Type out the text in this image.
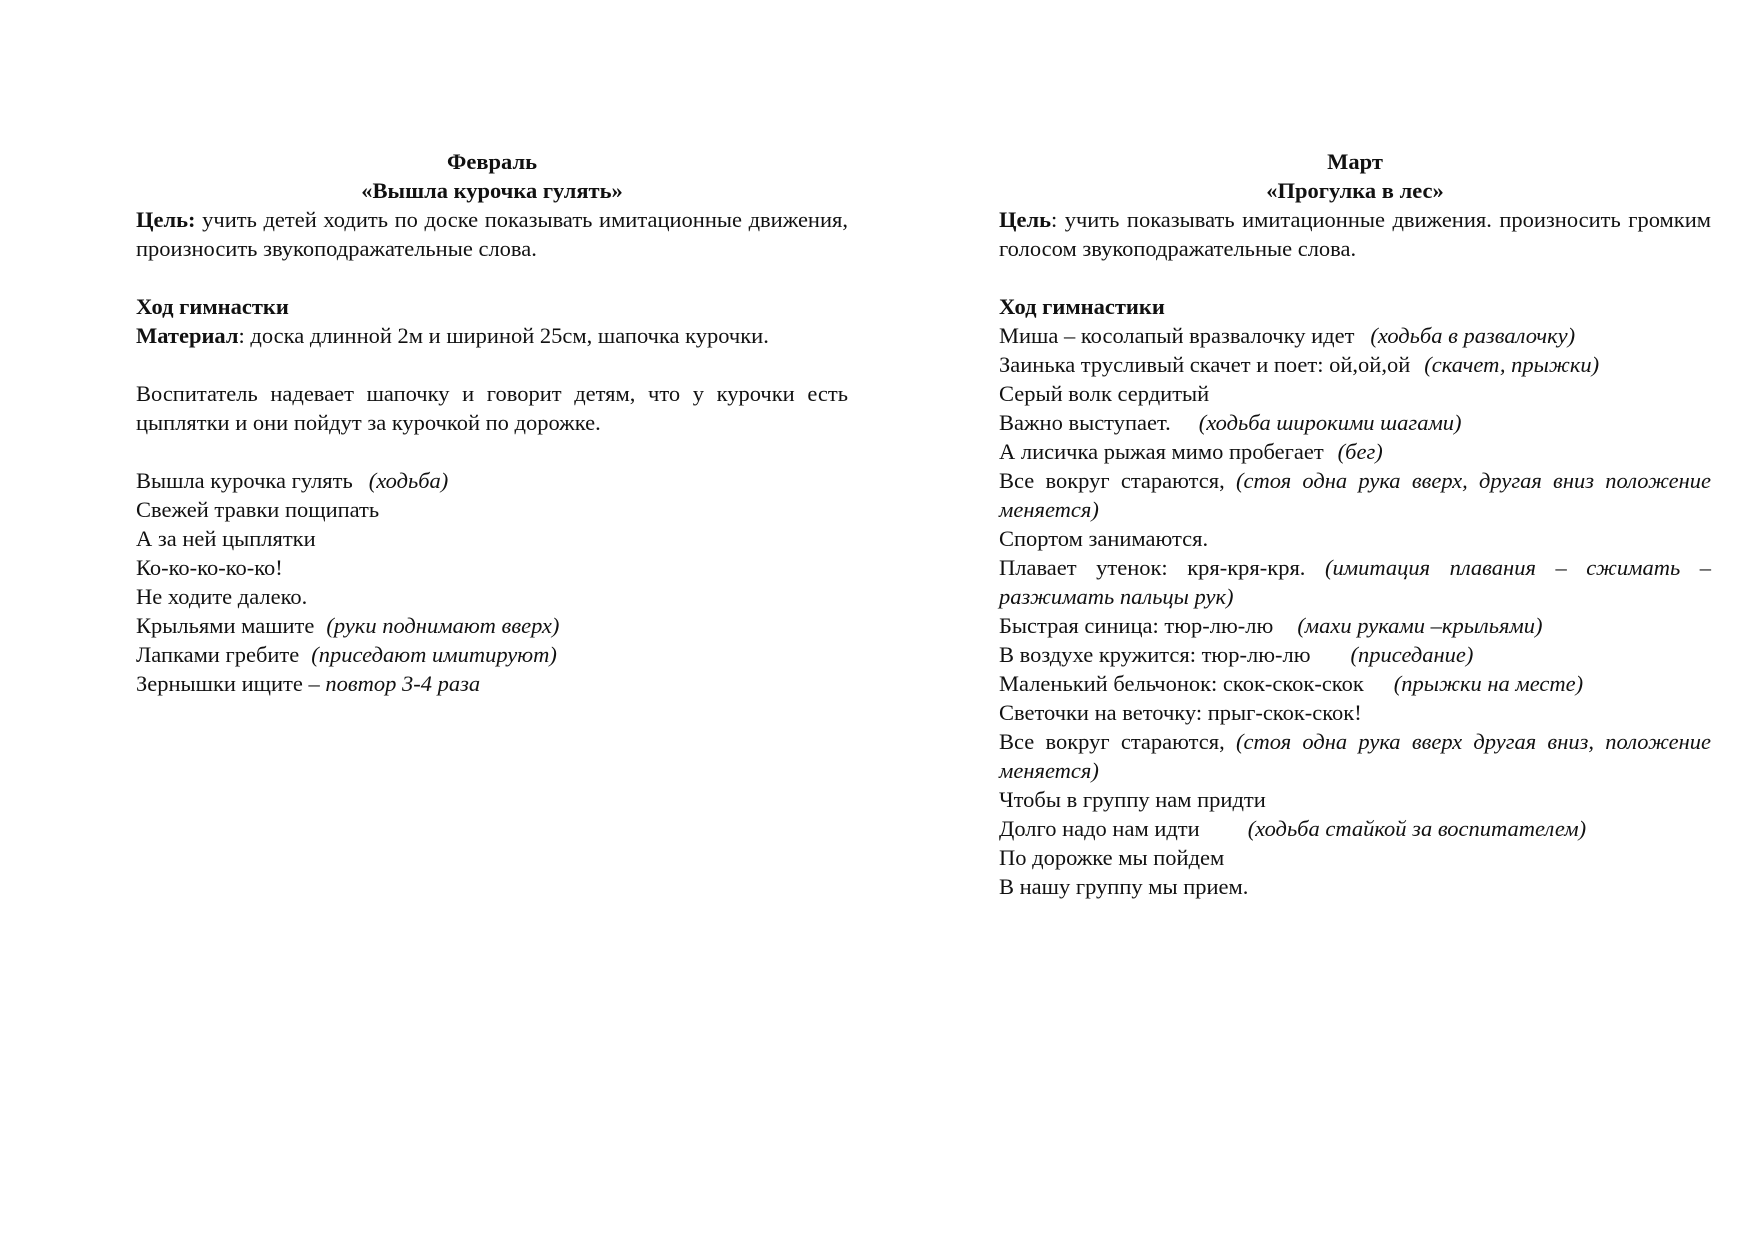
Февраль
«Вышла курочка гулять»
Цель: учить детей ходить по доске показывать имитационные движения, произносить звукоподражательные слова.
Ход гимнастки
Материал: доска длинной 2м и шириной 25см, шапочка курочки.
Воспитатель надевает шапочку и говорит детям, что у курочки есть цыплятки и они пойдут за курочкой по дорожке.
Вышла курочка гулять (ходьба)
Свежей травки пощипать
А за ней цыплятки
Ко-ко-ко-ко-ко!
Не ходите далеко.
Крыльями машите (руки поднимают вверх)
Лапками гребите (приседают имитируют)
Зернышки ищите – повтор 3-4 раза
Март
«Прогулка в лес»
Цель: учить показывать имитационные движения. произносить громким голосом звукоподражательные слова.
Ход гимнастики
Миша – косолапый вразвалочку идет (ходьба в развалочку)
Заинька трусливый скачет и поет: ой,ой,ой (скачет, прыжки)
Серый волк сердитый
Важно выступает. (ходьба широкими шагами)
А лисичка рыжая мимо пробегает (бег)
Все вокруг стараются, (стоя одна рука вверх, другая вниз положение меняется)
Спортом занимаются.
Плавает утенок: кря-кря-кря. (имитация плавания – сжимать – разжимать пальцы рук)
Быстрая синица: тюр-лю-лю (махи руками –крыльями)
В воздухе кружится: тюр-лю-лю (приседание)
Маленький бельчонок: скок-скок-скок (прыжки на месте)
Светочки на веточку: прыг-скок-скок!
Все вокруг стараются, (стоя одна рука вверх другая вниз, положение меняется)
Чтобы в группу нам придти
Долго надо нам идти (ходьба стайкой за воспитателем)
По дорожке мы пойдем
В нашу группу мы прием.
